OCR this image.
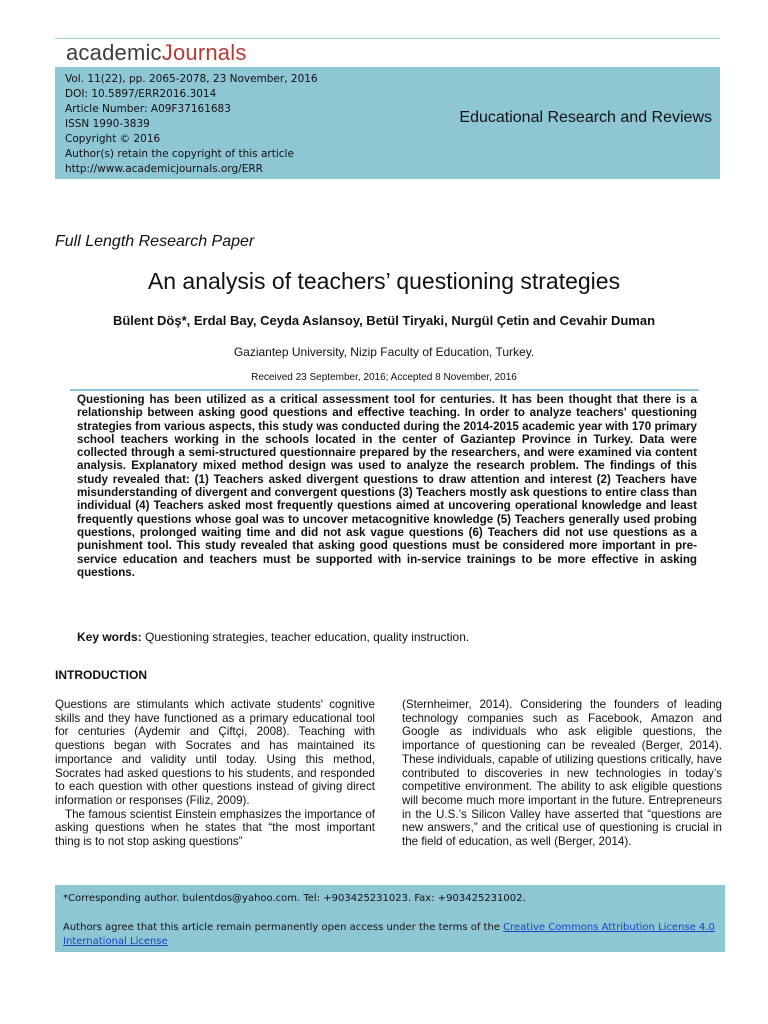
academicJournals
Vol. 11(22), pp. 2065-2078, 23 November, 2016
DOI: 10.5897/ERR2016.3014
Article Number: A09F37161683
ISSN 1990-3839
Copyright © 2016
Author(s) retain the copyright of this article
http://www.academicjournals.org/ERR
Educational Research and Reviews
Full Length Research Paper
An analysis of teachers’ questioning strategies
Bülent Döş*, Erdal Bay, Ceyda Aslansoy, Betül Tiryaki, Nurgül Çetin and Cevahir Duman
Gaziantep University, Nizip Faculty of Education, Turkey.
Received 23 September, 2016; Accepted 8 November, 2016

Questioning has been utilized as a critical assessment tool for centuries. It has been thought that there is a relationship between asking good questions and effective teaching. In order to analyze teachers' questioning strategies from various aspects, this study was conducted during the 2014-2015 academic year with 170 primary school teachers working in the schools located in the center of Gaziantep Province in Turkey. Data were collected through a semi-structured questionnaire prepared by the researchers, and were examined via content analysis. Explanatory mixed method design was used to analyze the research problem. The findings of this study revealed that: (1) Teachers asked divergent questions to draw attention and interest (2) Teachers have misunderstanding of divergent and convergent questions (3) Teachers mostly ask questions to entire class than individual (4) Teachers asked most frequently questions aimed at uncovering operational knowledge and least frequently questions whose goal was to uncover metacognitive knowledge (5) Teachers generally used probing questions, prolonged waiting time and did not ask vague questions (6) Teachers did not use questions as a punishment tool. This study revealed that asking good questions must be considered more important in pre-service education and teachers must be supported with in-service trainings to be more effective in asking questions.

Key words: Questioning strategies, teacher education, quality instruction.
INTRODUCTION

Questions are stimulants which activate students' cognitive skills and they have functioned as a primary educational tool for centuries (Aydemir and Çiftçi, 2008). Teaching with questions began with Socrates and has maintained its importance and validity until today. Using this method, Socrates had asked questions to his students, and responded to each question with other questions instead of giving direct information or responses (Filiz, 2009).

The famous scientist Einstein emphasizes the importance of asking questions when he states that “the most important thing is to not stop asking questions”

(Sternheimer, 2014). Considering the founders of leading technology companies such as Facebook, Amazon and Google as individuals who ask eligible questions, the importance of questioning can be revealed (Berger, 2014). These individuals, capable of utilizing questions critically, have contributed to discoveries in new technologies in today’s competitive environment. The ability to ask eligible questions will become much more important in the future. Entrepreneurs in the U.S.’s Silicon Valley have asserted that “questions are new answers,” and the critical use of questioning is crucial in the field of education, as well (Berger, 2014).

*Corresponding author. bulentdos@yahoo.com. Tel: +903425231023. Fax: +903425231002.
Authors agree that this article remain permanently open access under the terms of the Creative Commons Attribution License 4.0 International License
